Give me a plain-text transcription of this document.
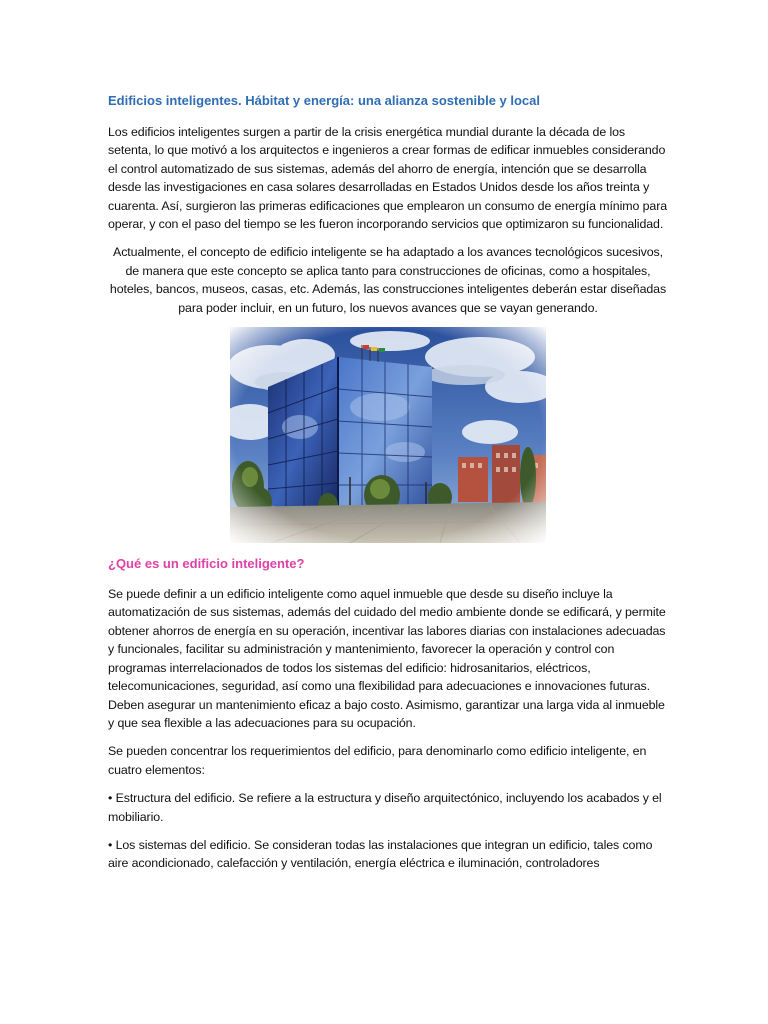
Edificios inteligentes. Hábitat y energía: una alianza sostenible y local

Los edificios inteligentes surgen a partir de la crisis energética mundial durante la década de los setenta, lo que motivó a los arquitectos e ingenieros a crear formas de edificar inmuebles considerando el control automatizado de sus sistemas, además del ahorro de energía, intención que se desarrolla desde las investigaciones en casa solares desarrolladas en Estados Unidos desde los años treinta y cuarenta. Así, surgieron las primeras edificaciones que emplearon un consumo de energía mínimo para operar, y con el paso del tiempo se les fueron incorporando servicios que optimizaron su funcionalidad.

Actualmente, el concepto de edificio inteligente se ha adaptado a los avances tecnológicos sucesivos, de manera que este concepto se aplica tanto para construcciones de oficinas, como a hospitales, hoteles, bancos, museos, casas, etc. Además, las construcciones inteligentes deberán estar diseñadas para poder incluir, en un futuro, los nuevos avances que se vayan generando.

¿Qué es un edificio inteligente?

Se puede definir a un edificio inteligente como aquel inmueble que desde su diseño incluye la automatización de sus sistemas, además del cuidado del medio ambiente donde se edificará, y permite obtener ahorros de energía en su operación, incentivar las labores diarias con instalaciones adecuadas y funcionales, facilitar su administración y mantenimiento, favorecer la operación y control con programas interrelacionados de todos los sistemas del edificio: hidrosanitarios, eléctricos, telecomunicaciones, seguridad, así como una flexibilidad para adecuaciones e innovaciones futuras. Deben asegurar un mantenimiento eficaz a bajo costo. Asimismo, garantizar una larga vida al inmueble y que sea flexible a las adecuaciones para su ocupación.

Se pueden concentrar los requerimientos del edificio, para denominarlo como edificio inteligente, en cuatro elementos:

• Estructura del edificio. Se refiere a la estructura y diseño arquitectónico, incluyendo los acabados y el mobiliario.

• Los sistemas del edificio. Se consideran todas las instalaciones que integran un edificio, tales como aire acondicionado, calefacción y ventilación, energía eléctrica e iluminación, controladores
